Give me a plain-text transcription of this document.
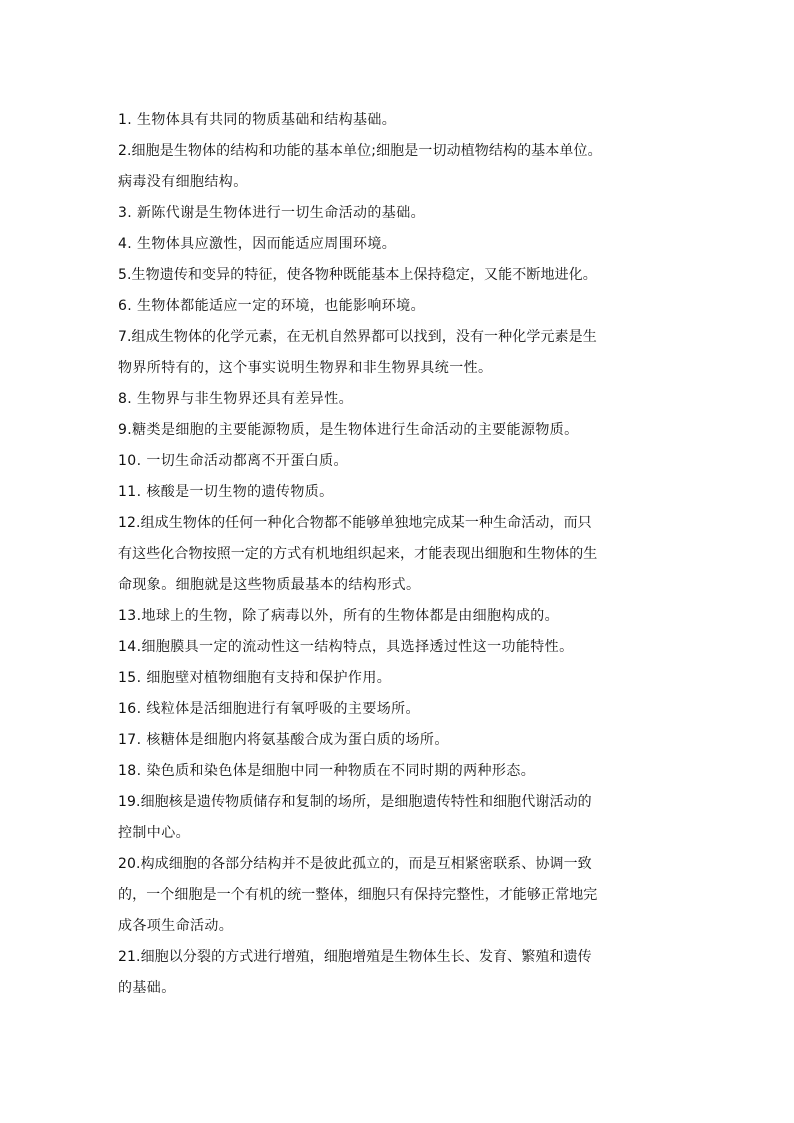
1. 生物体具有共同的物质基础和结构基础。
2.细胞是生物体的结构和功能的基本单位;细胞是一切动植物结构的基本单位。
病毒没有细胞结构。
3. 新陈代谢是生物体进行一切生命活动的基础。
4. 生物体具应激性，因而能适应周围环境。
5.生物遗传和变异的特征，使各物种既能基本上保持稳定，又能不断地进化。
6. 生物体都能适应一定的环境，也能影响环境。
7.组成生物体的化学元素，在无机自然界都可以找到，没有一种化学元素是生
物界所特有的，这个事实说明生物界和非生物界具统一性。
8. 生物界与非生物界还具有差异性。
9.糖类是细胞的主要能源物质，是生物体进行生命活动的主要能源物质。
10. 一切生命活动都离不开蛋白质。
11. 核酸是一切生物的遗传物质。
12.组成生物体的任何一种化合物都不能够单独地完成某一种生命活动，而只
有这些化合物按照一定的方式有机地组织起来，才能表现出细胞和生物体的生
命现象。细胞就是这些物质最基本的结构形式。
13.地球上的生物，除了病毒以外，所有的生物体都是由细胞构成的。
14.细胞膜具一定的流动性这一结构特点，具选择透过性这一功能特性。
15. 细胞壁对植物细胞有支持和保护作用。
16. 线粒体是活细胞进行有氧呼吸的主要场所。
17. 核糖体是细胞内将氨基酸合成为蛋白质的场所。
18. 染色质和染色体是细胞中同一种物质在不同时期的两种形态。
19.细胞核是遗传物质储存和复制的场所，是细胞遗传特性和细胞代谢活动的
控制中心。
20.构成细胞的各部分结构并不是彼此孤立的，而是互相紧密联系、协调一致
的，一个细胞是一个有机的统一整体，细胞只有保持完整性，才能够正常地完
成各项生命活动。
21.细胞以分裂的方式进行增殖，细胞增殖是生物体生长、发育、繁殖和遗传
的基础。
